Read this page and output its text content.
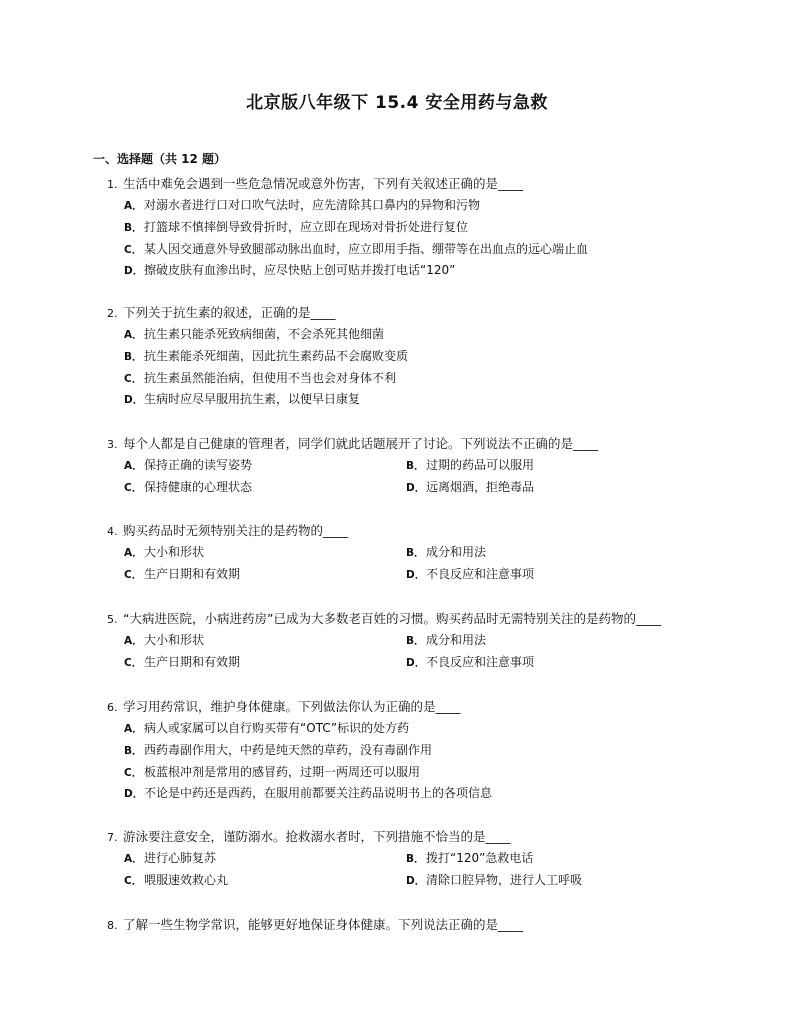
北京版八年级下 15.4 安全用药与急救
一、选择题（共 12 题）
1. 生活中难免会遇到一些危急情况或意外伤害，下列有关叙述正确的是____
A．对溺水者进行口对口吹气法时，应先清除其口鼻内的异物和污物
B．打篮球不慎摔倒导致骨折时，应立即在现场对骨折处进行复位
C． 某人因交通意外导致腿部动脉出血时，应立即用手指、绷带等在出血点的远心端止血
D．擦破皮肤有血渗出时，应尽快贴上创可贴并拨打电话“120”
2. 下列关于抗生素的叙述，正确的是____
A．抗生素只能杀死致病细菌，不会杀死其他细菌
B．抗生素能杀死细菌，因此抗生素药品不会腐败变质
C． 抗生素虽然能治病，但使用不当也会对身体不利
D．生病时应尽早服用抗生素，以便早日康复
3. 每个人都是自己健康的管理者，同学们就此话题展开了讨论。下列说法不正确的是____
A．保持正确的读写姿势	B．过期的药品可以服用
C． 保持健康的心理状态	D．远离烟酒，拒绝毒品
4. 购买药品时无须特别关注的是药物的____
A．大小和形状	B．成分和用法
C． 生产日期和有效期	D．不良反应和注意事项
5. “大病进医院，小病进药房”已成为大多数老百姓的习惯。购买药品时无需特别关注的是药物的____
A．大小和形状	B．成分和用法
C． 生产日期和有效期	D．不良反应和注意事项
6. 学习用药常识，维护身体健康。下列做法你认为正确的是____
A．病人或家属可以自行购买带有“OTC”标识的处方药
B．西药毒副作用大，中药是纯天然的草药，没有毒副作用
C． 板蓝根冲剂是常用的感冒药，过期一两周还可以服用
D．不论是中药还是西药，在服用前都要关注药品说明书上的各项信息
7. 游泳要注意安全，谨防溺水。抢救溺水者时，下列措施不恰当的是____
A．进行心肺复苏	B．拨打“120”急救电话
C． 喂服速效救心丸	D．清除口腔异物，进行人工呼吸
8. 了解一些生物学常识，能够更好地保证身体健康。下列说法正确的是____
